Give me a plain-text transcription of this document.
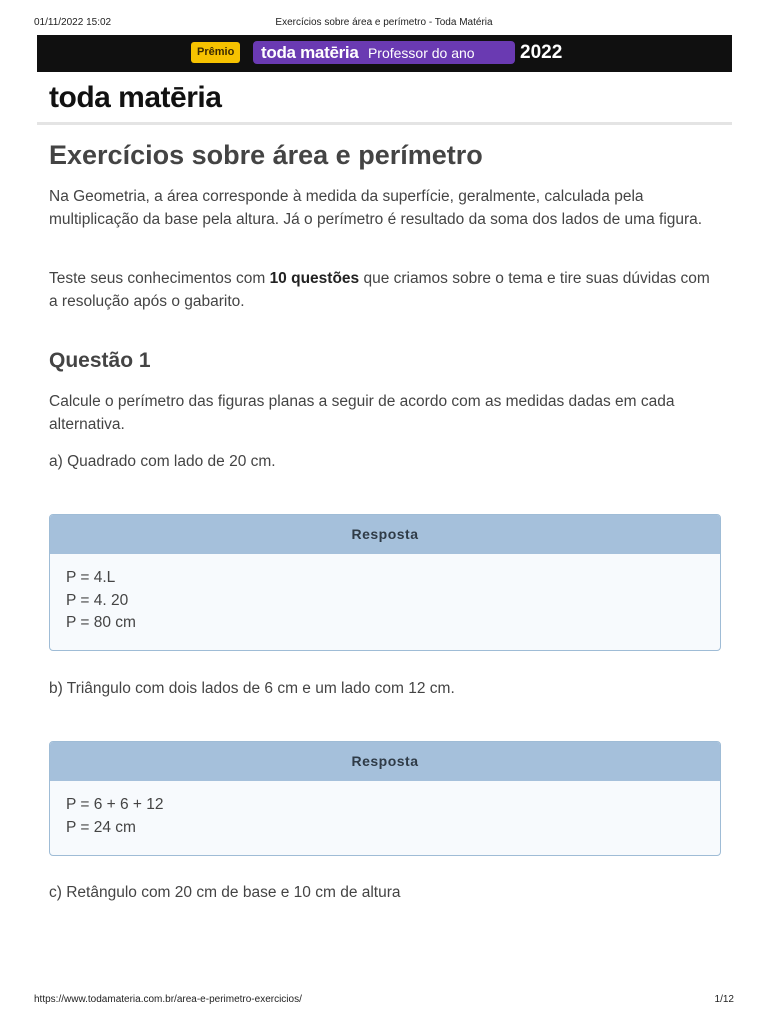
01/11/2022 15:02	Exercícios sobre área e perímetro - Toda Matéria
Prêmio	toda matēria Professor do ano	2022
toda matēria
Exercícios sobre área e perímetro

Na Geometria, a área corresponde à medida da superfície, geralmente, calculada pela multiplicação da base pela altura. Já o perímetro é resultado da soma dos lados de uma figura.

Teste seus conhecimentos com 10 questões que criamos sobre o tema e tire suas dúvidas com a resolução após o gabarito.

Questão 1

Calcule o perímetro das figuras planas a seguir de acordo com as medidas dadas em cada alternativa.

a) Quadrado com lado de 20 cm.

Resposta
P = 4.L
P = 4. 20
P = 80 cm

b) Triângulo com dois lados de 6 cm e um lado com 12 cm.

Resposta
P = 6 + 6 + 12
P = 24 cm

c) Retângulo com 20 cm de base e 10 cm de altura

https://www.todamateria.com.br/area-e-perimetro-exercicios/	1/12
